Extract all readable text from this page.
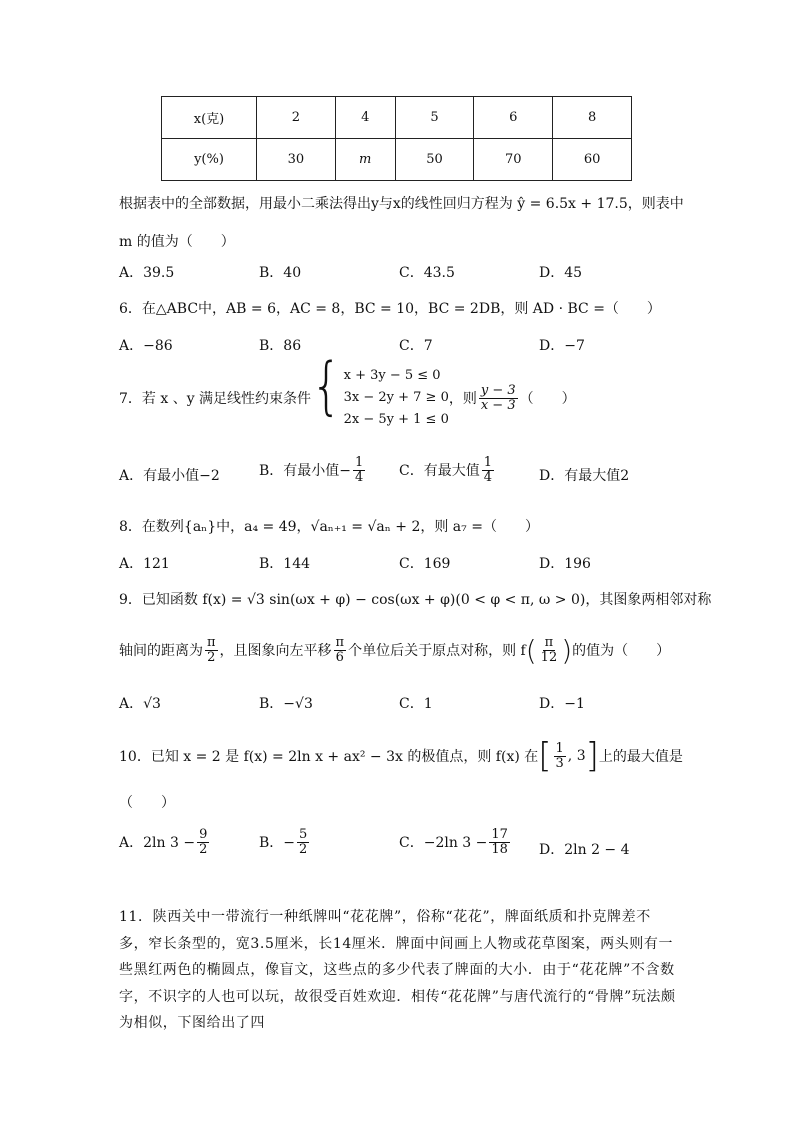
x(克)	2	4	5	6	8
y(%)	30	m	50	70	60
根据表中的全部数据，用最小二乘法得出y与x的线性回归方程为 ŷ = 6.5x + 17.5，则表中
m 的值为（　　）
A．39.5	B．40	C．43.5	D．45
6．在△ABC中，AB = 6，AC = 8，BC = 10，BC = 2DB，则 AD · BC =（　　）
A．−86	B．86	C．7	D．−7
7．若 x 、y 满足线性约束条件 { x + 3y − 5 ≤ 0
3x − 2y + 7 ≥ 0
2x − 5y + 1 ≤ 0
，则 $\frac{y - 3}{x - 3}$ （　　）
A．有最小值−2	B．有最小值− $\frac{1}{4}$ C．有最大值 $\frac{1}{4}$	D．有最大值2
8．在数列{aₙ}中，a₄ = 49，√aₙ₊₁ = √aₙ + 2，则 a₇ =（　　）
A．121	B．144	C．169	D．196
9．已知函数 f(x) = √3 sin(ωx + φ) − cos(ωx + φ)(0 < φ < π, ω > 0)，其图象两相邻对称
轴间的距离为 $\frac{\pi}{2}$ ，且图象向左平移 $\frac{\pi}{6}$ 个单位后关于原点对称，则 f ( $\frac{\pi}{12}$ ) 的值为（　　）
A．√3	B．−√3	C．1	D．−1
10．已知 x = 2 是 f(x) = 2ln x + ax² − 3x 的极值点，则 f(x) 在 [ $\frac{1}{3}$ , 3 ] 上的最大值是
（　　）
A．2ln $3 - \frac{9}{2}$	B．− $\frac{5}{2}$	C．−2ln $3 - \frac{17}{18}$ D．2ln 2 − 4
11．陕西关中一带流行一种纸牌叫“花花牌”，俗称“花花”，牌面纸质和扑克牌差不多，窄长条型的，宽3.5厘米，长14厘米．牌面中间画上人物或花草图案，两头则有一些黑红两色的椭圆点，像盲文，这些点的多少代表了牌面的大小．由于“花花牌”不含数字，不识字的人也可以玩，故很受百姓欢迎．相传“花花牌”与唐代流行的“骨牌”玩法颇为相似，下图给出了四
